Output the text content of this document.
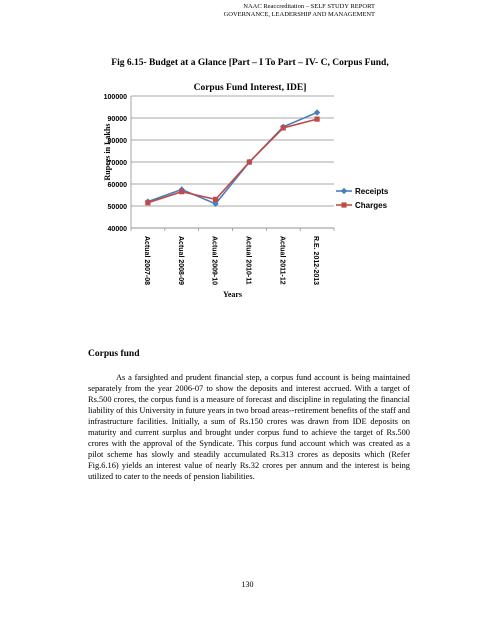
NAAC Reaccreditation – SELF STUDY REPORT
GOVERNANCE, LEADERSHIP AND MANAGEMENT
Fig 6.15- Budget at a Glance [Part – I To Part – IV- C, Corpus Fund,
Corpus Fund Interest, IDE]
40000
50000
60000
70000
80000
90000
100000
Actual 2007-08	Actual 2008-09	Actual 2009-10	Actual 2010-11	Actual 2011-12	R.E. 2012-2013
Rupees in Lakhs
Years
Receipts
Charges
Corpus fund

As a farsighted and prudent financial step, a corpus fund account is being maintained separately from the year 2006-07 to show the deposits and interest accrued. With a target of Rs.500 crores, the corpus fund is a measure of forecast and discipline in regulating the financial liability of this University in future years in two broad areas--retirement benefits of the staff and infrastructure facilities. Initially, a sum of Rs.150 crores was drawn from IDE deposits on maturity and current surplus and brought under corpus fund to achieve the target of Rs.500 crores with the approval of the Syndicate. This corpus fund account which was created as a pilot scheme has slowly and steadily accumulated Rs.313 crores as deposits which (Refer Fig.6.16) yields an interest value of nearly Rs.32 crores per annum and the interest is being utilized to cater to the needs of pension liabilities.

130
